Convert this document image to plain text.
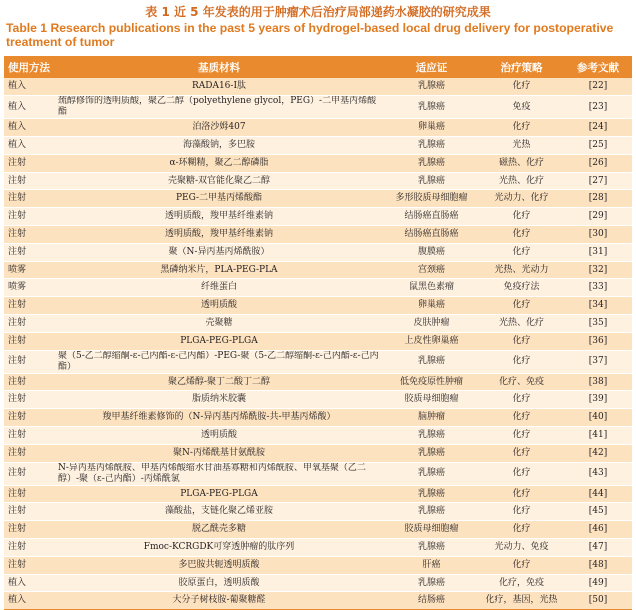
表 1 近 5 年发表的用于肿瘤术后治疗局部递药水凝胶的研究成果
Table 1 Research publications in the past 5 years of hydrogel-based local drug delivery for postoperative treatment of tumor
使用方法	基质材料	适应证	治疗策略	参考文献
植入	RADA16-I肽	乳腺癌	化疗	[22]
植入	巯醇修饰的透明质酸，聚乙二醇（polyethylene glycol，PEG）-二甲基丙烯酸酯	乳腺癌	免疫	[23]
植入	泊洛沙姆407	卵巢癌	化疗	[24]
植入	海藻酸钠，多巴胺	乳腺癌	光热	[25]
注射	α-环糊精，聚乙二醇磷脂	乳腺癌	磁热、化疗	[26]
注射	壳聚糖-双官能化聚乙二醇	乳腺癌	光热、化疗	[27]
注射	PEG-二甲基丙烯酸酯	多形胶质母细胞瘤	光动力、化疗	[28]
注射	透明质酸，羧甲基纤维素钠	结肠癌直肠癌	化疗	[29]
注射	透明质酸，羧甲基纤维素钠	结肠癌直肠癌	化疗	[30]
注射	聚（N-异丙基丙烯酰胺）	腹膜癌	化疗	[31]
喷雾	黑磷纳米片，PLA-PEG-PLA	宫颈癌	光热、光动力	[32]
喷雾	纤维蛋白	鼠黑色素瘤	免疫疗法	[33]
注射	透明质酸	卵巢癌	化疗	[34]
注射	壳聚糖	皮肤肿瘤	光热、化疗	[35]
注射	PLGA-PEG-PLGA	上皮性卵巢癌	化疗	[36]
注射	聚（5-乙二醇缩酮-ε-己内酯-ε-己内酯）-PEG-聚（5-乙二醇缩酮-ε-己内酯-ε-己内酯）	乳腺癌	化疗	[37]
注射	聚乙烯醇-聚丁二酸丁二醇	低免疫原性肿瘤	化疗、免疫	[38]
注射	脂质纳米胶囊	胶质母细胞瘤	化疗	[39]
注射	羧甲基纤维素修饰的（N-异丙基丙烯酰胺-共-甲基丙烯酸）	脑肿瘤	化疗	[40]
注射	透明质酸	乳腺癌	化疗	[41]
注射	聚N-丙烯酰基甘氨酰胺	乳腺癌	化疗	[42]
注射	N-异丙基丙烯酰胺、甲基丙烯酸缩水甘油基寡糖和丙烯酰胺、甲氧基聚（乙二醇）-聚（ε-己内酯）-丙烯酰氯	乳腺癌	化疗	[43]
注射	PLGA-PEG-PLGA	乳腺癌	化疗	[44]
注射	藻酸盐，支链化聚乙烯亚胺	乳腺癌	化疗	[45]
注射	脱乙酰壳多糖	胶质母细胞瘤	化疗	[46]
注射	Fmoc-KCRGDK可穿透肿瘤的肽序列	乳腺癌	光动力、免疫	[47]
注射	多巴胺共轭透明质酸	肝癌	化疗	[48]
植入	胶原蛋白，透明质酸	乳腺癌	化疗，免疫	[49]
植入	大分子树枝胺-葡聚糖醛	结肠癌	化疗，基因，光热	[50]
